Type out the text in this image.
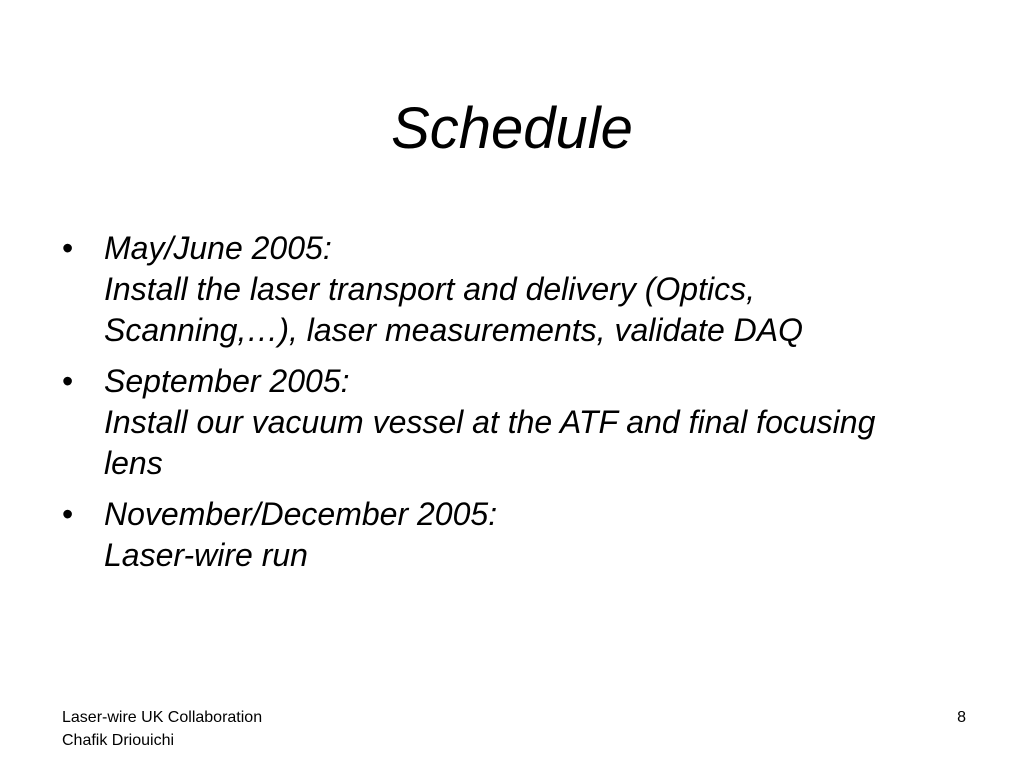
Schedule
• May/June 2005:
Install the laser transport and delivery (Optics, Scanning,…), laser measurements, validate DAQ
• September 2005:
Install our vacuum vessel at the ATF and final focusing lens
• November/December 2005:
Laser-wire run
Laser-wire UK Collaboration
Chafik Driouichi
8
